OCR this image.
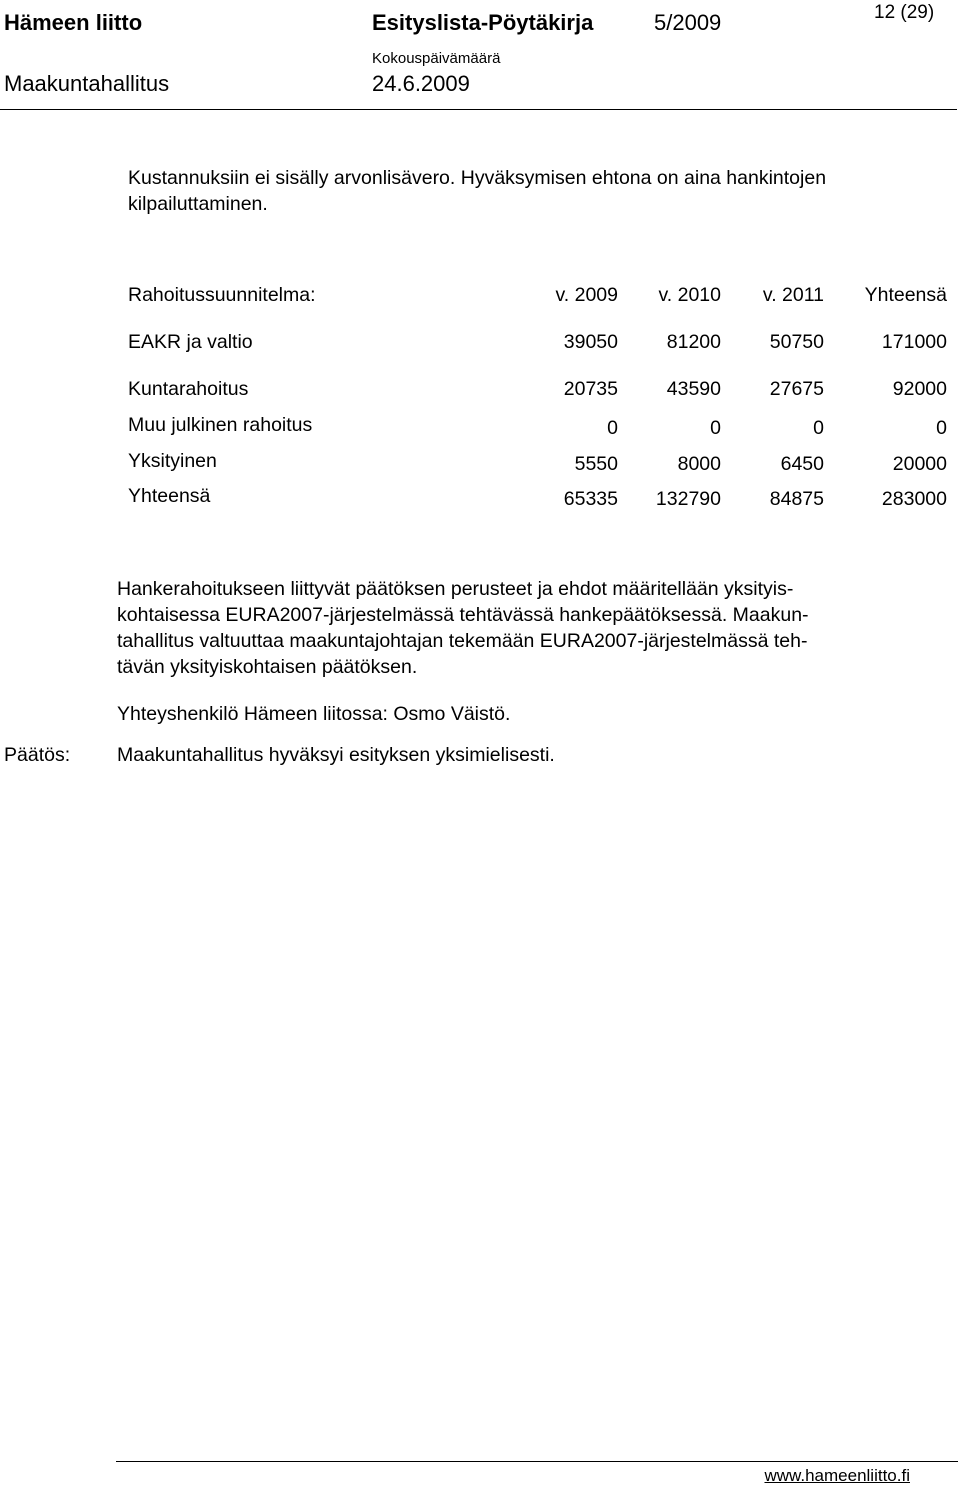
Hämeen liitto	Esityslista-Pöytäkirja	5/2009	12 (29)
Kokouspäivämäärä
Maakuntahallitus	24.6.2009
Kustannuksiin ei sisälly arvonlisävero. Hyväksymisen ehtona on aina hankintojen
kilpailuttaminen.
Rahoitussuunnitelma:	v. 2009	v. 2010	v. 2011	Yhteensä
EAKR ja valtio	39050	81200	50750	171000
Kuntarahoitus	20735	43590	27675	92000
Muu julkinen rahoitus	0	0	0	0
Yksityinen	5550	8000	6450	20000
Yhteensä	65335	132790	84875	283000
Hankerahoitukseen liittyvät päätöksen perusteet ja ehdot määritellään yksityis-
kohtaisessa EURA2007-järjestelmässä tehtävässä hankepäätöksessä. Maakun-
tahallitus valtuuttaa maakuntajohtajan tekemään EURA2007-järjestelmässä teh-
tävän yksityiskohtaisen päätöksen.
Yhteyshenkilö Hämeen liitossa: Osmo Väistö.
Päätös: Maakuntahallitus hyväksyi esityksen yksimielisesti.
www.hameenliitto.fi
